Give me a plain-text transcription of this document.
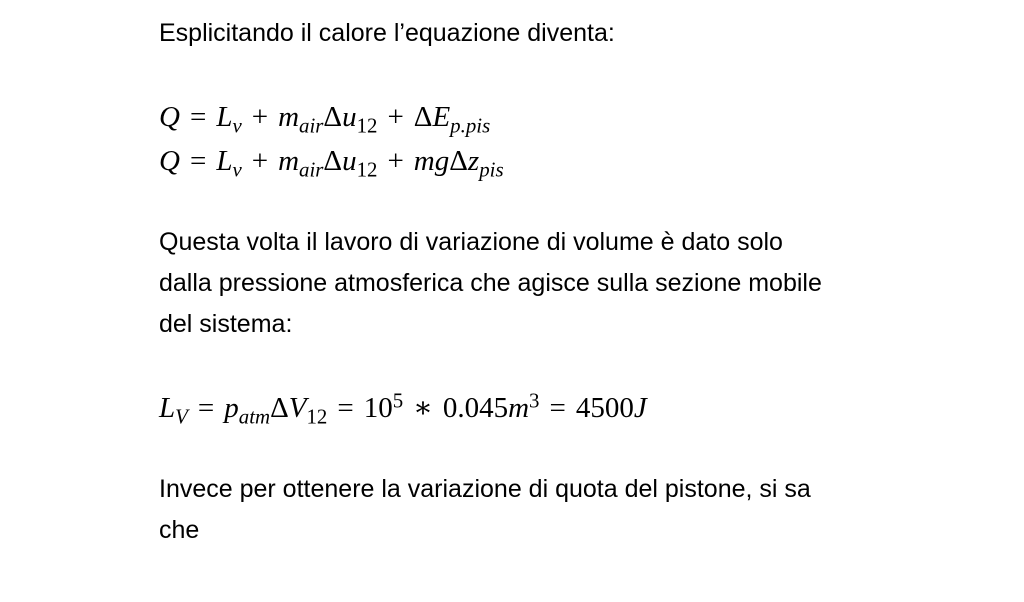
Esplicitando il calore l’equazione diventa:
$Q = L_v + m_{air}\Delta u_{12} + \Delta E_{p.pis}$
$Q = L_v + m_{air}\Delta u_{12} + mg\Delta z_{pis}$
Questa volta il lavoro di variazione di volume è dato solo
dalla pressione atmosferica che agisce sulla sezione mobile
del sistema:
$L_V = p_{atm}\Delta V_{12} = 10^5$ ∗ $0.045m^3 = 4500J$
Invece per ottenere la variazione di quota del pistone, si sa
che
